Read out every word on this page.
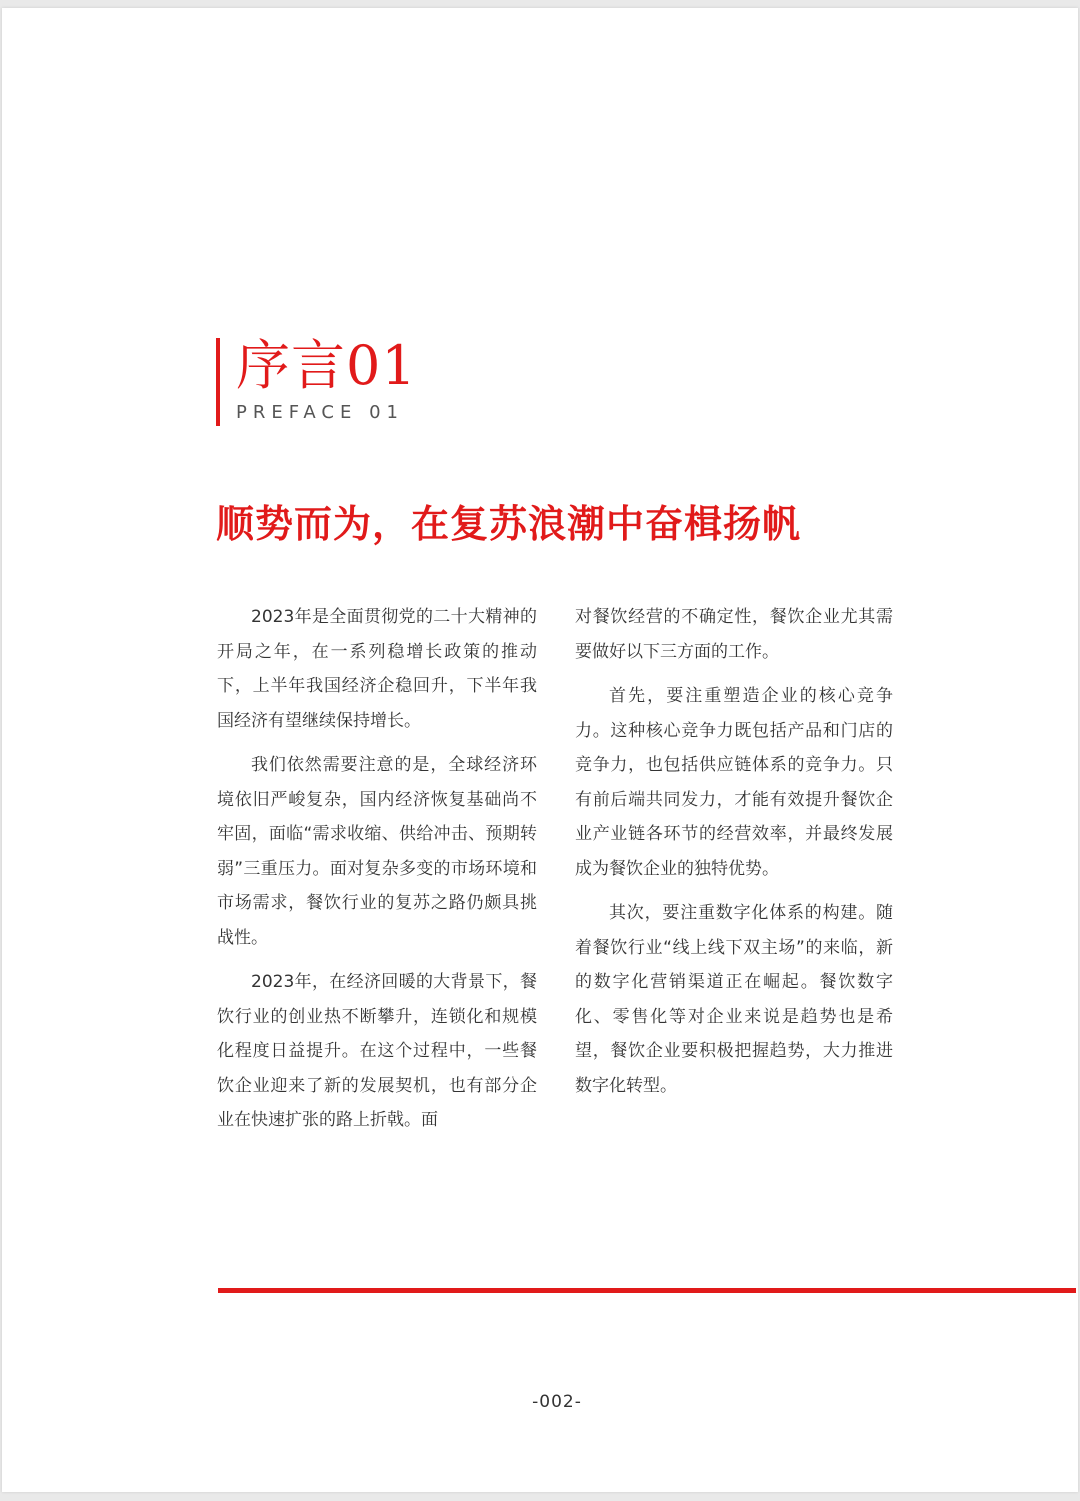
序言01
PREFACE 01
顺势而为，在复苏浪潮中奋楫扬帆

2023年是全面贯彻党的二十大精神的开局之年，在一系列稳增长政策的推动下，上半年我国经济企稳回升，下半年我国经济有望继续保持增长。

我们依然需要注意的是，全球经济环境依旧严峻复杂，国内经济恢复基础尚不牢固，面临“需求收缩、供给冲击、预期转弱”三重压力。面对复杂多变的市场环境和市场需求，餐饮行业的复苏之路仍颇具挑战性。

2023年，在经济回暖的大背景下，餐饮行业的创业热不断攀升，连锁化和规模化程度日益提升。在这个过程中，一些餐饮企业迎来了新的发展契机，也有部分企业在快速扩张的路上折戟。面

对餐饮经营的不确定性，餐饮企业尤其需要做好以下三方面的工作。

首先，要注重塑造企业的核心竞争力。这种核心竞争力既包括产品和门店的竞争力，也包括供应链体系的竞争力。只有前后端共同发力，才能有效提升餐饮企业产业链各环节的经营效率，并最终发展成为餐饮企业的独特优势。

其次，要注重数字化体系的构建。随着餐饮行业“线上线下双主场”的来临，新的数字化营销渠道正在崛起。餐饮数字化、零售化等对企业来说是趋势也是希望，餐饮企业要积极把握趋势，大力推进数字化转型。

-002-
